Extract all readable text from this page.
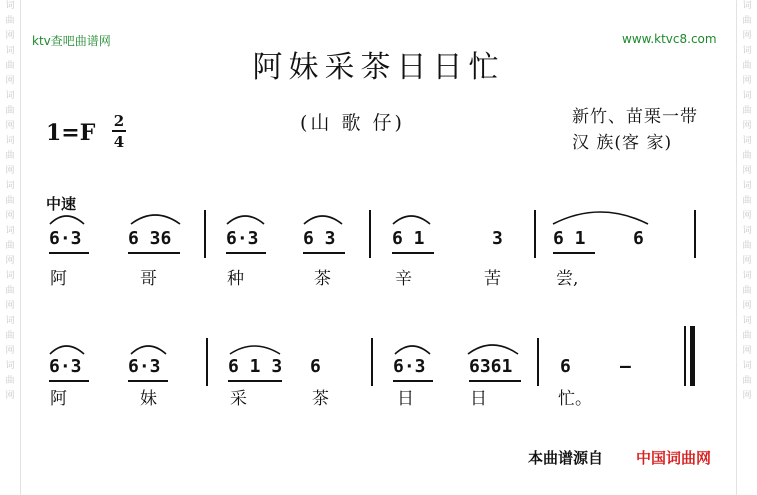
词
曲
网
词
曲
网
词
曲
网
词
曲
网
词
曲
网
词
曲
网
词
曲
网
词
曲
网
词
曲
网
词
曲
网
词
曲
网
词
曲
网
词
曲
网
词
曲
网
词
曲
网
词
曲
网
词
曲
网
词
曲
网
ktv查吧曲谱网	www.ktvc8.com
阿妹采茶日日忙
(山 歌 仔)	新竹、苗栗一带
汉 族(客 家)
1=F 2
4
中速
6·3	6 36	6·3 6 3	6 1	3	6 1	6
阿	哥	种	茶	辛	苦	尝,
6·3	6·3	6 1 3 6	6·3 6361	6	–
阿	妹	采	茶	日	日	忙。
本曲谱源自 中国词曲网
